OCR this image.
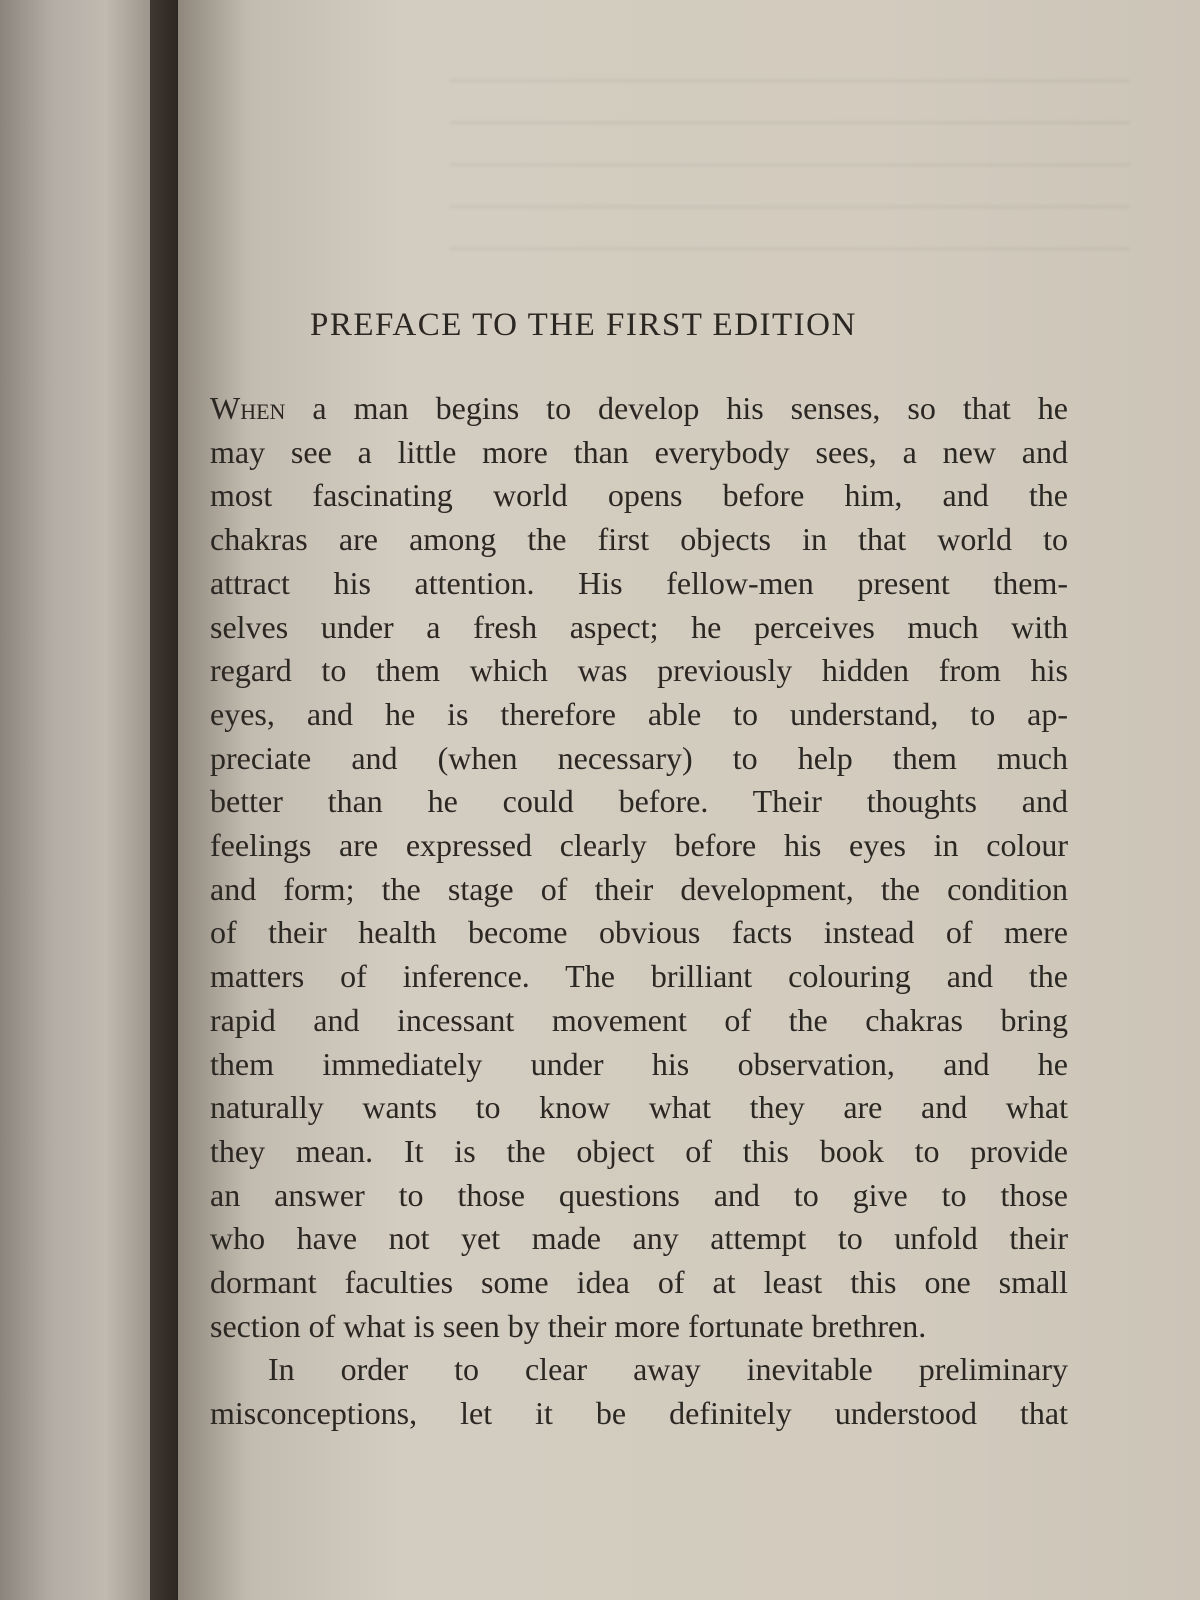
PREFACE TO THE FIRST EDITION
When a man begins to develop his senses, so that he
may see a little more than everybody sees, a new and
most fascinating world opens before him, and the
chakras are among the first objects in that world to
attract his attention. His fellow-men present them-
selves under a fresh aspect; he perceives much with
regard to them which was previously hidden from his
eyes, and he is therefore able to understand, to ap-
preciate and (when necessary) to help them much
better than he could before. Their thoughts and
feelings are expressed clearly before his eyes in colour
and form; the stage of their development, the condition
of their health become obvious facts instead of mere
matters of inference. The brilliant colouring and the
rapid and incessant movement of the chakras bring
them immediately under his observation, and he
naturally wants to know what they are and what
they mean. It is the object of this book to provide
an answer to those questions and to give to those
who have not yet made any attempt to unfold their
dormant faculties some idea of at least this one small
section of what is seen by their more fortunate brethren.
In order to clear away inevitable preliminary
misconceptions, let it be definitely understood that
